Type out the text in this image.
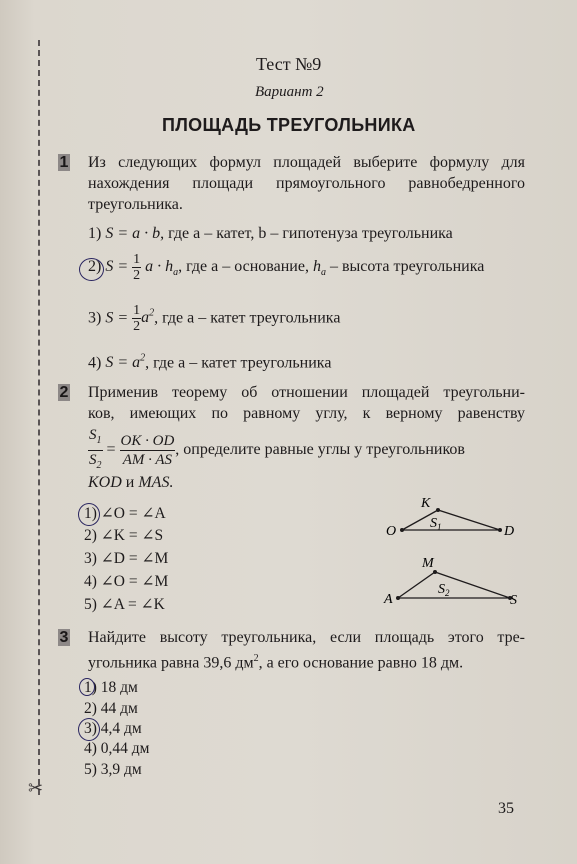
✂
Тест №9
Вариант 2
ПЛОЩАДЬ ТРЕУГОЛЬНИКА
1 Из следующих формул площадей выберите формулу для
нахождения площади прямоугольного равнобедренного
треугольника.
1) S = a · b, где a – катет, b – гипотенуза треугольника
2) $S = \frac{1}{2}$ $a \cdot h_a$, где a – основание, $h_a$ – высота треугольника
3) $S = \frac{1}{2} a^2$, где a – катет треугольника
4) $S = a^2$, где a – катет треугольника
2 Применив теорему об отношении площадей треугольни-
ков, имеющих по равному углу, к верному равенству
$\frac{S_1}{S_2} = \frac{OK \cdot OD}{AM \cdot AS}$ , определите равные углы у треугольников
KOD и MAS.
1) ∠O = ∠A
2) ∠K = ∠S
3) ∠D = ∠M
4) ∠O = ∠M
5) ∠A = ∠K
K
O	D
$S_1$
M
A	S
$S_2$
3 Найдите высоту треугольника, если площадь этого тре-
угольника равна 39,6 $дм^2$, а его основание равно 18 дм.
1) 18 дм
2) 44 дм
3) 4,4 дм
4) 0,44 дм
5) 3,9 дм
35
